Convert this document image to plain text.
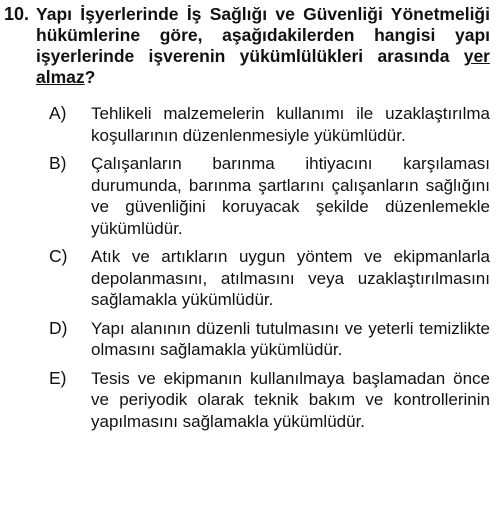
10. Yapı İşyerlerinde İş Sağlığı ve Güvenliği Yönetmeliği hükümlerine göre, aşağıdakilerden hangisi yapı işyerlerinde işverenin yükümlülükleri arasında yer almaz?
A)	Tehlikeli malzemelerin kullanımı ile uzaklaştırılma koşullarının düzenlenmesiyle yükümlüdür.
B)	Çalışanların barınma ihtiyacını karşılaması durumunda, barınma şartlarını çalışanların sağlığını ve güvenliğini koruyacak şekilde düzenlemekle yükümlüdür.
C)	Atık ve artıkların uygun yöntem ve ekipmanlarla depolanmasını, atılmasını veya uzaklaştırılmasını sağlamakla yükümlüdür.
D)	Yapı alanının düzenli tutulmasını ve yeterli temizlikte olmasını sağlamakla yükümlüdür.
E)	Tesis ve ekipmanın kullanılmaya başlamadan önce ve periyodik olarak teknik bakım ve kontrollerinin yapılmasını sağlamakla yükümlüdür.
